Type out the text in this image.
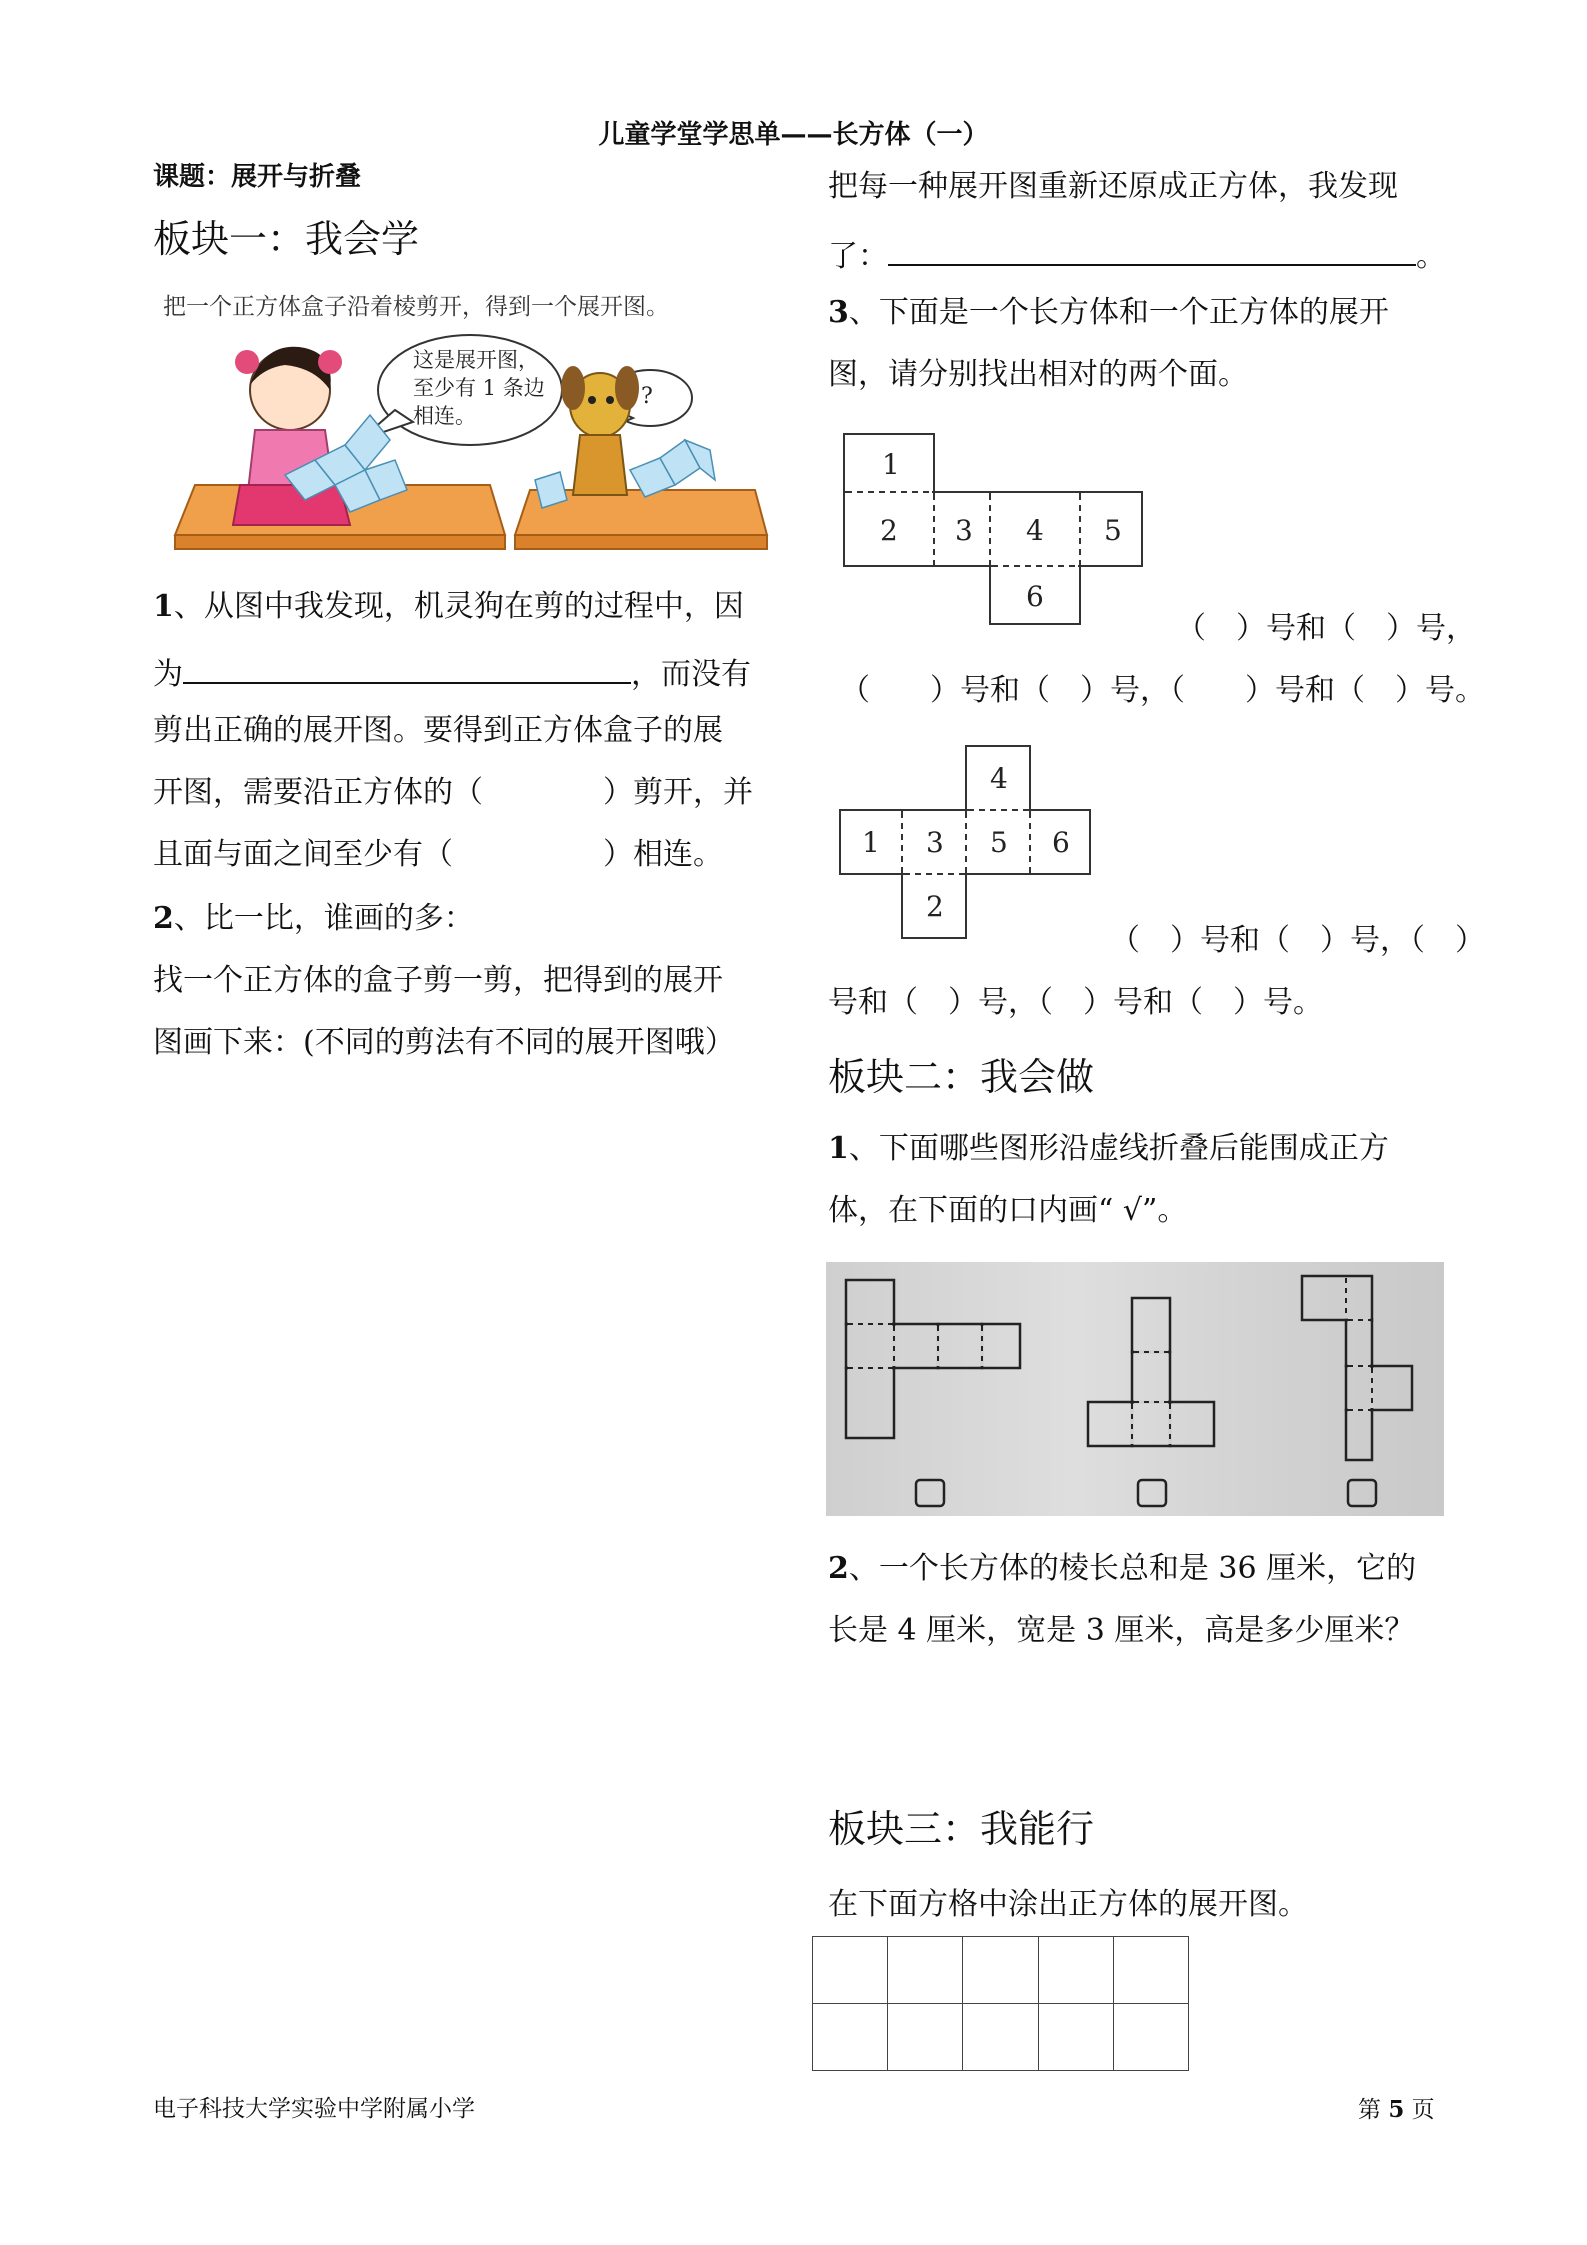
儿童学堂学思单——长方体（一）
课题：展开与折叠
板块一：我会学
把一个正方体盒子沿着棱剪开，得到一个展开图。
这是展开图，
至少有 1 条边
相连。
?
1、从图中我发现，机灵狗在剪的过程中，因
为	，而没有
剪出正确的展开图。要得到正方体盒子的展
开图，需要沿正方体的（　　　　）剪开，并
且面与面之间至少有（　　　　　）相连。
2、比一比，谁画的多：
找一个正方体的盒子剪一剪，把得到的展开
图画下来：(不同的剪法有不同的展开图哦）
把每一种展开图重新还原成正方体，我发现
了：	。
3、下面是一个长方体和一个正方体的展开
图，请分别找出相对的两个面。
1
2 3 4 5
6
（　）号和（　）号，
（　　）号和（　）号，（　　）号和（　）号。
4
1 3 5 6
2
（　）号和（　）号，（　）
号和（　）号，（　）号和（　）号。
板块二：我会做
1、下面哪些图形沿虚线折叠后能围成正方
体，在下面的口内画“ √”。
2、一个长方体的棱长总和是 36 厘米，它的
长是 4 厘米，宽是 3 厘米，高是多少厘米？
板块三：我能行
在下面方格中涂出正方体的展开图。
电子科技大学实验中学附属小学	第 5 页
